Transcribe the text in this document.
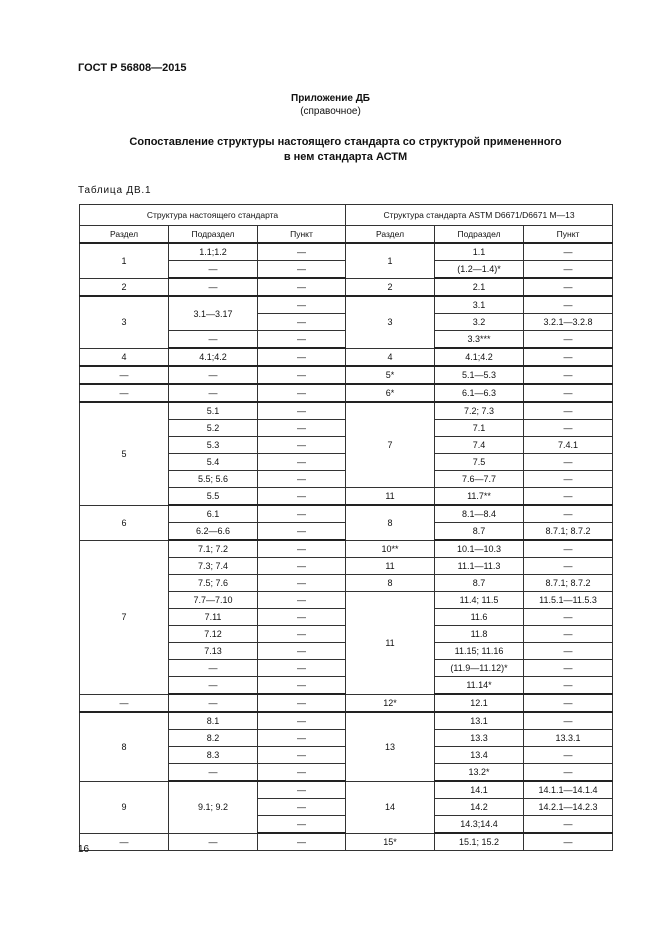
ГОСТ Р 56808—2015
Приложение ДБ
(справочное)
Сопоставление структуры настоящего стандарта со структурой примененного
в нем стандарта АСТМ
Таблица ДВ.1
Структура настоящего стандарта			Структура стандарта ASTM D6671/D6671 M—13		
Раздел	Подраздел	Пункт	Раздел	Подраздел	Пункт
1	1.1;1.2	—	1	1.1	—
	—	—		(1.2—1.4)*	—
2	—	—	2	2.1	—
3	3.1—3.17	—	3	3.1	—
		—		3.2	3.2.1—3.2.8
	—	—		3.3***	—
4	4.1;4.2	—	4	4.1;4.2	—
—	—	—	5*	5.1—5.3	—
—	—	—	6*	6.1—6.3	—
5	5.1	—	7	7.2; 7.3	—
	5.2	—		7.1	—
	5.3	—		7.4	7.4.1
	5.4	—		7.5	—
	5.5; 5.6	—		7.6—7.7	—
	5.5	—	11	11.7**	—
6	6.1	—	8	8.1—8.4	—
	6.2—6.6	—		8.7	8.7.1; 8.7.2
7	7.1; 7.2	—	10**	10.1—10.3	—
	7.3; 7.4	—	11	11.1—11.3	—
	7.5; 7.6	—	8	8.7	8.7.1; 8.7.2
	7.7—7.10	—	11	11.4; 11.5	11.5.1—11.5.3
	7.11	—		11.6	—
	7.12	—		11.8	—
	7.13	—		11.15; 11.16	—
	—	—		(11.9—11.12)*	—
	—	—		11.14*	—
—	—	—	12*	12.1	—
8	8.1	—	13	13.1	—
	8.2	—		13.3	13.3.1
	8.3	—		13.4	—
	—	—		13.2*	—
9	9.1; 9.2	—	14	14.1	14.1.1—14.1.4
		—		14.2	14.2.1—14.2.3
		—		14.3;14.4	—
—	—	—	15*	15.1; 15.2	—
16
